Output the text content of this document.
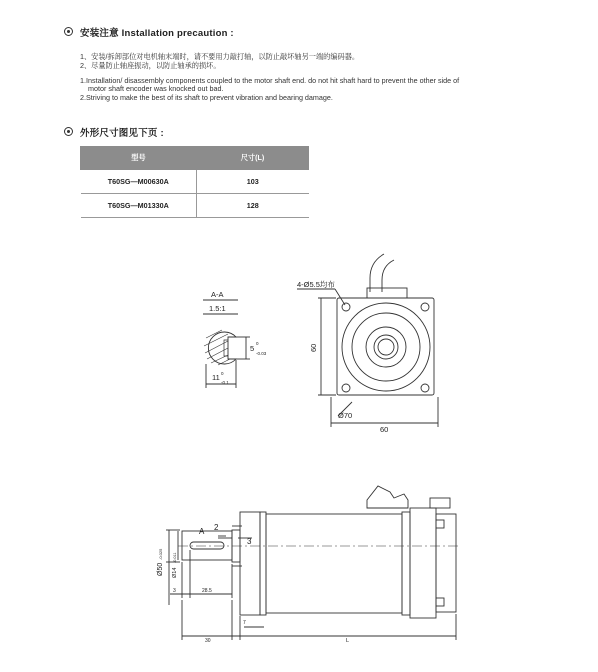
安装注意 Installation precaution :
1、安装/拆卸部位对电机轴末端时，请不要用力敲打轴，以防止敲坏轴另一端的编码器。
2、尽量防止轴座振动，以防止轴承的损坏。
1.Installation/ disassembly components coupled to the motor shaft end. do not hit shaft hard to prevent the other side of
motor shaft encoder was knocked out bad.
2.Striving to make the best of its shaft to prevent vibration and bearing damage.
外形尺寸图见下页 :
型号	尺寸(L)
T60SG—M00630A	103
T60SG—M01330A	128
A-A
1.5:1
5
0
-0.03
11 0
-0.1
4-Ø5.5均布
60
60
Ø70
A 2
3
Ø50
-0.025
Ø14
-0.011
3	28.5
30
7
L
